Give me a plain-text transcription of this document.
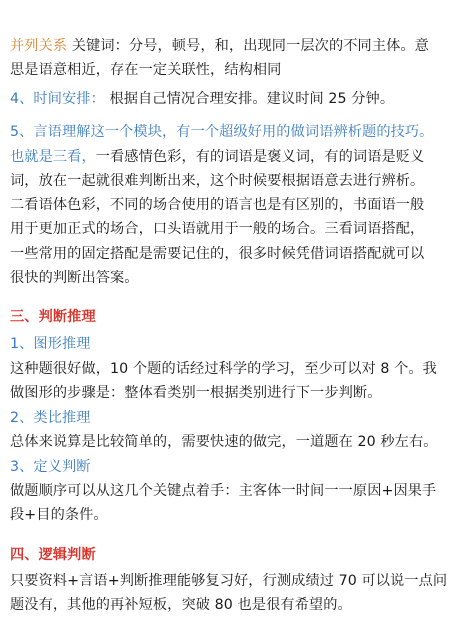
并列关系 关键词：分号，顿号，和，出现同一层次的不同主体。意
思是语意相近，存在一定关联性，结构相同
4、时间安排： 根据自己情况合理安排。建议时间 25 分钟。
5、言语理解这一个模块，有一个超级好用的做词语辨析题的技巧。
也就是三看，一看感情色彩，有的词语是褒义词，有的词语是贬义
词，放在一起就很难判断出来，这个时候要根据语意去进行辨析。
二看语体色彩，不同的场合使用的语言也是有区别的，书面语一般
用于更加正式的场合，口头语就用于一般的场合。三看词语搭配，
一些常用的固定搭配是需要记住的，很多时候凭借词语搭配就可以
很快的判断出答案。
三、判断推理
1、图形推理
这种题很好做，10 个题的话经过科学的学习，至少可以对 8 个。我
做图形的步骤是：整体看类别一根据类别进行下一步判断。
2、类比推理
总体来说算是比较简单的，需要快速的做完，一道题在 20 秒左右。
3、定义判断
做题顺序可以从这几个关键点着手：主客体一时间一一原因+因果手
段+目的条件。
四、逻辑判断
只要资料+言语+判断推理能够复习好，行测成绩过 70 可以说一点问
题没有，其他的再补短板，突破 80 也是很有希望的。
